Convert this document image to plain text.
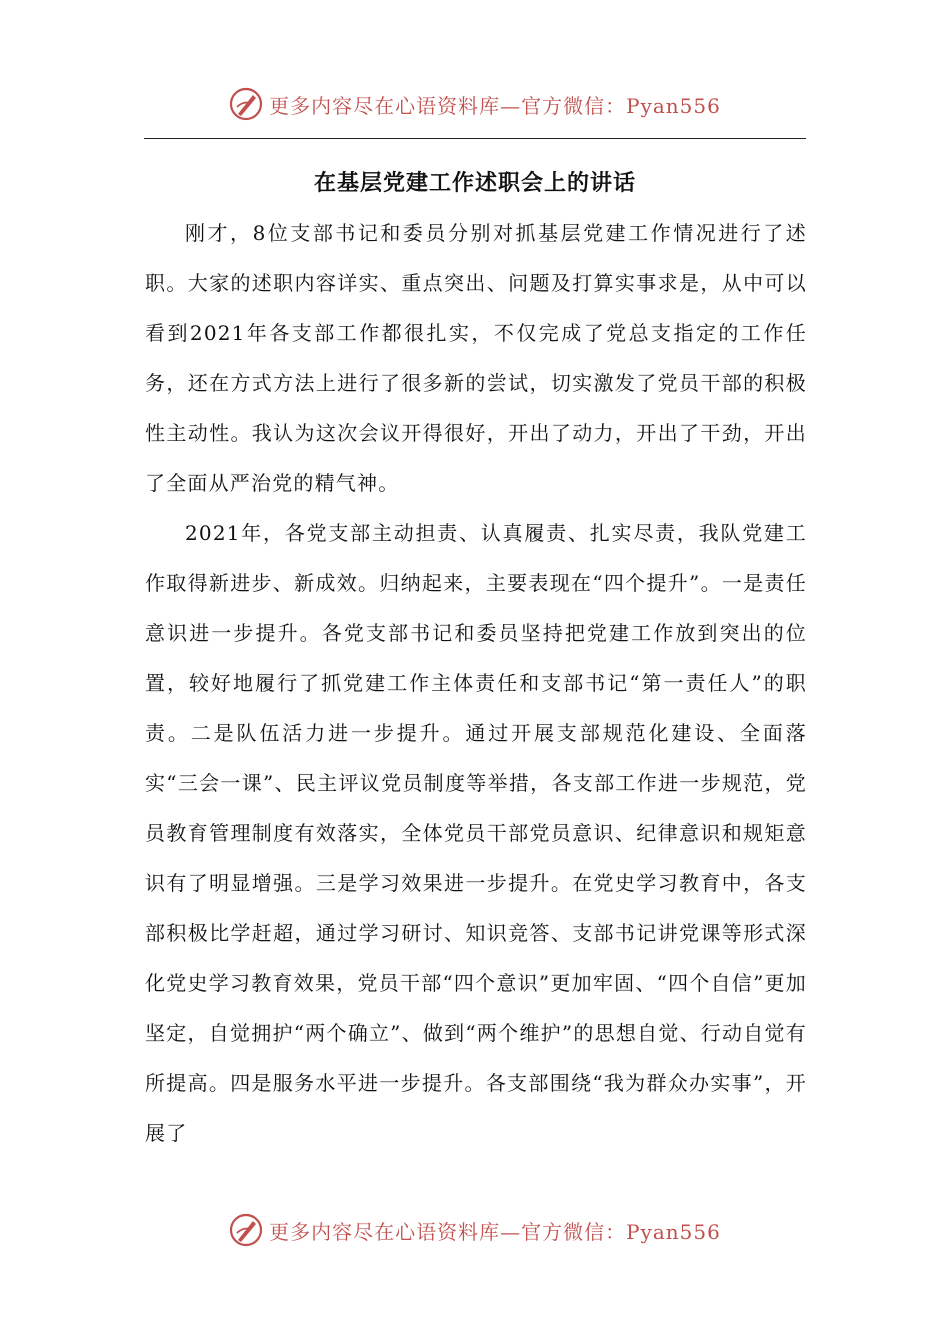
更多内容尽在心语资料库—官方微信：Pyan556
在基层党建工作述职会上的讲话

刚才，8位支部书记和委员分别对抓基层党建工作情况进行了述职。大家的述职内容详实、重点突出、问题及打算实事求是，从中可以看到2021年各支部工作都很扎实，不仅完成了党总支指定的工作任务，还在方式方法上进行了很多新的尝试，切实激发了党员干部的积极性主动性。我认为这次会议开得很好，开出了动力，开出了干劲，开出了全面从严治党的精气神。

2021年，各党支部主动担责、认真履责、扎实尽责，我队党建工作取得新进步、新成效。归纳起来，主要表现在“四个提升”。一是责任意识进一步提升。各党支部书记和委员坚持把党建工作放到突出的位置，较好地履行了抓党建工作主体责任和支部书记“第一责任人”的职责。二是队伍活力进一步提升。通过开展支部规范化建设、全面落实“三会一课”、民主评议党员制度等举措，各支部工作进一步规范，党员教育管理制度有效落实，全体党员干部党员意识、纪律意识和规矩意识有了明显增强。三是学习效果进一步提升。在党史学习教育中，各支部积极比学赶超，通过学习研讨、知识竞答、支部书记讲党课等形式深化党史学习教育效果，党员干部“四个意识”更加牢固、“四个自信”更加坚定，自觉拥护“两个确立”、做到“两个维护”的思想自觉、行动自觉有所提高。四是服务水平进一步提升。各支部围绕“我为群众办实事”，开展了

更多内容尽在心语资料库—官方微信：Pyan556
